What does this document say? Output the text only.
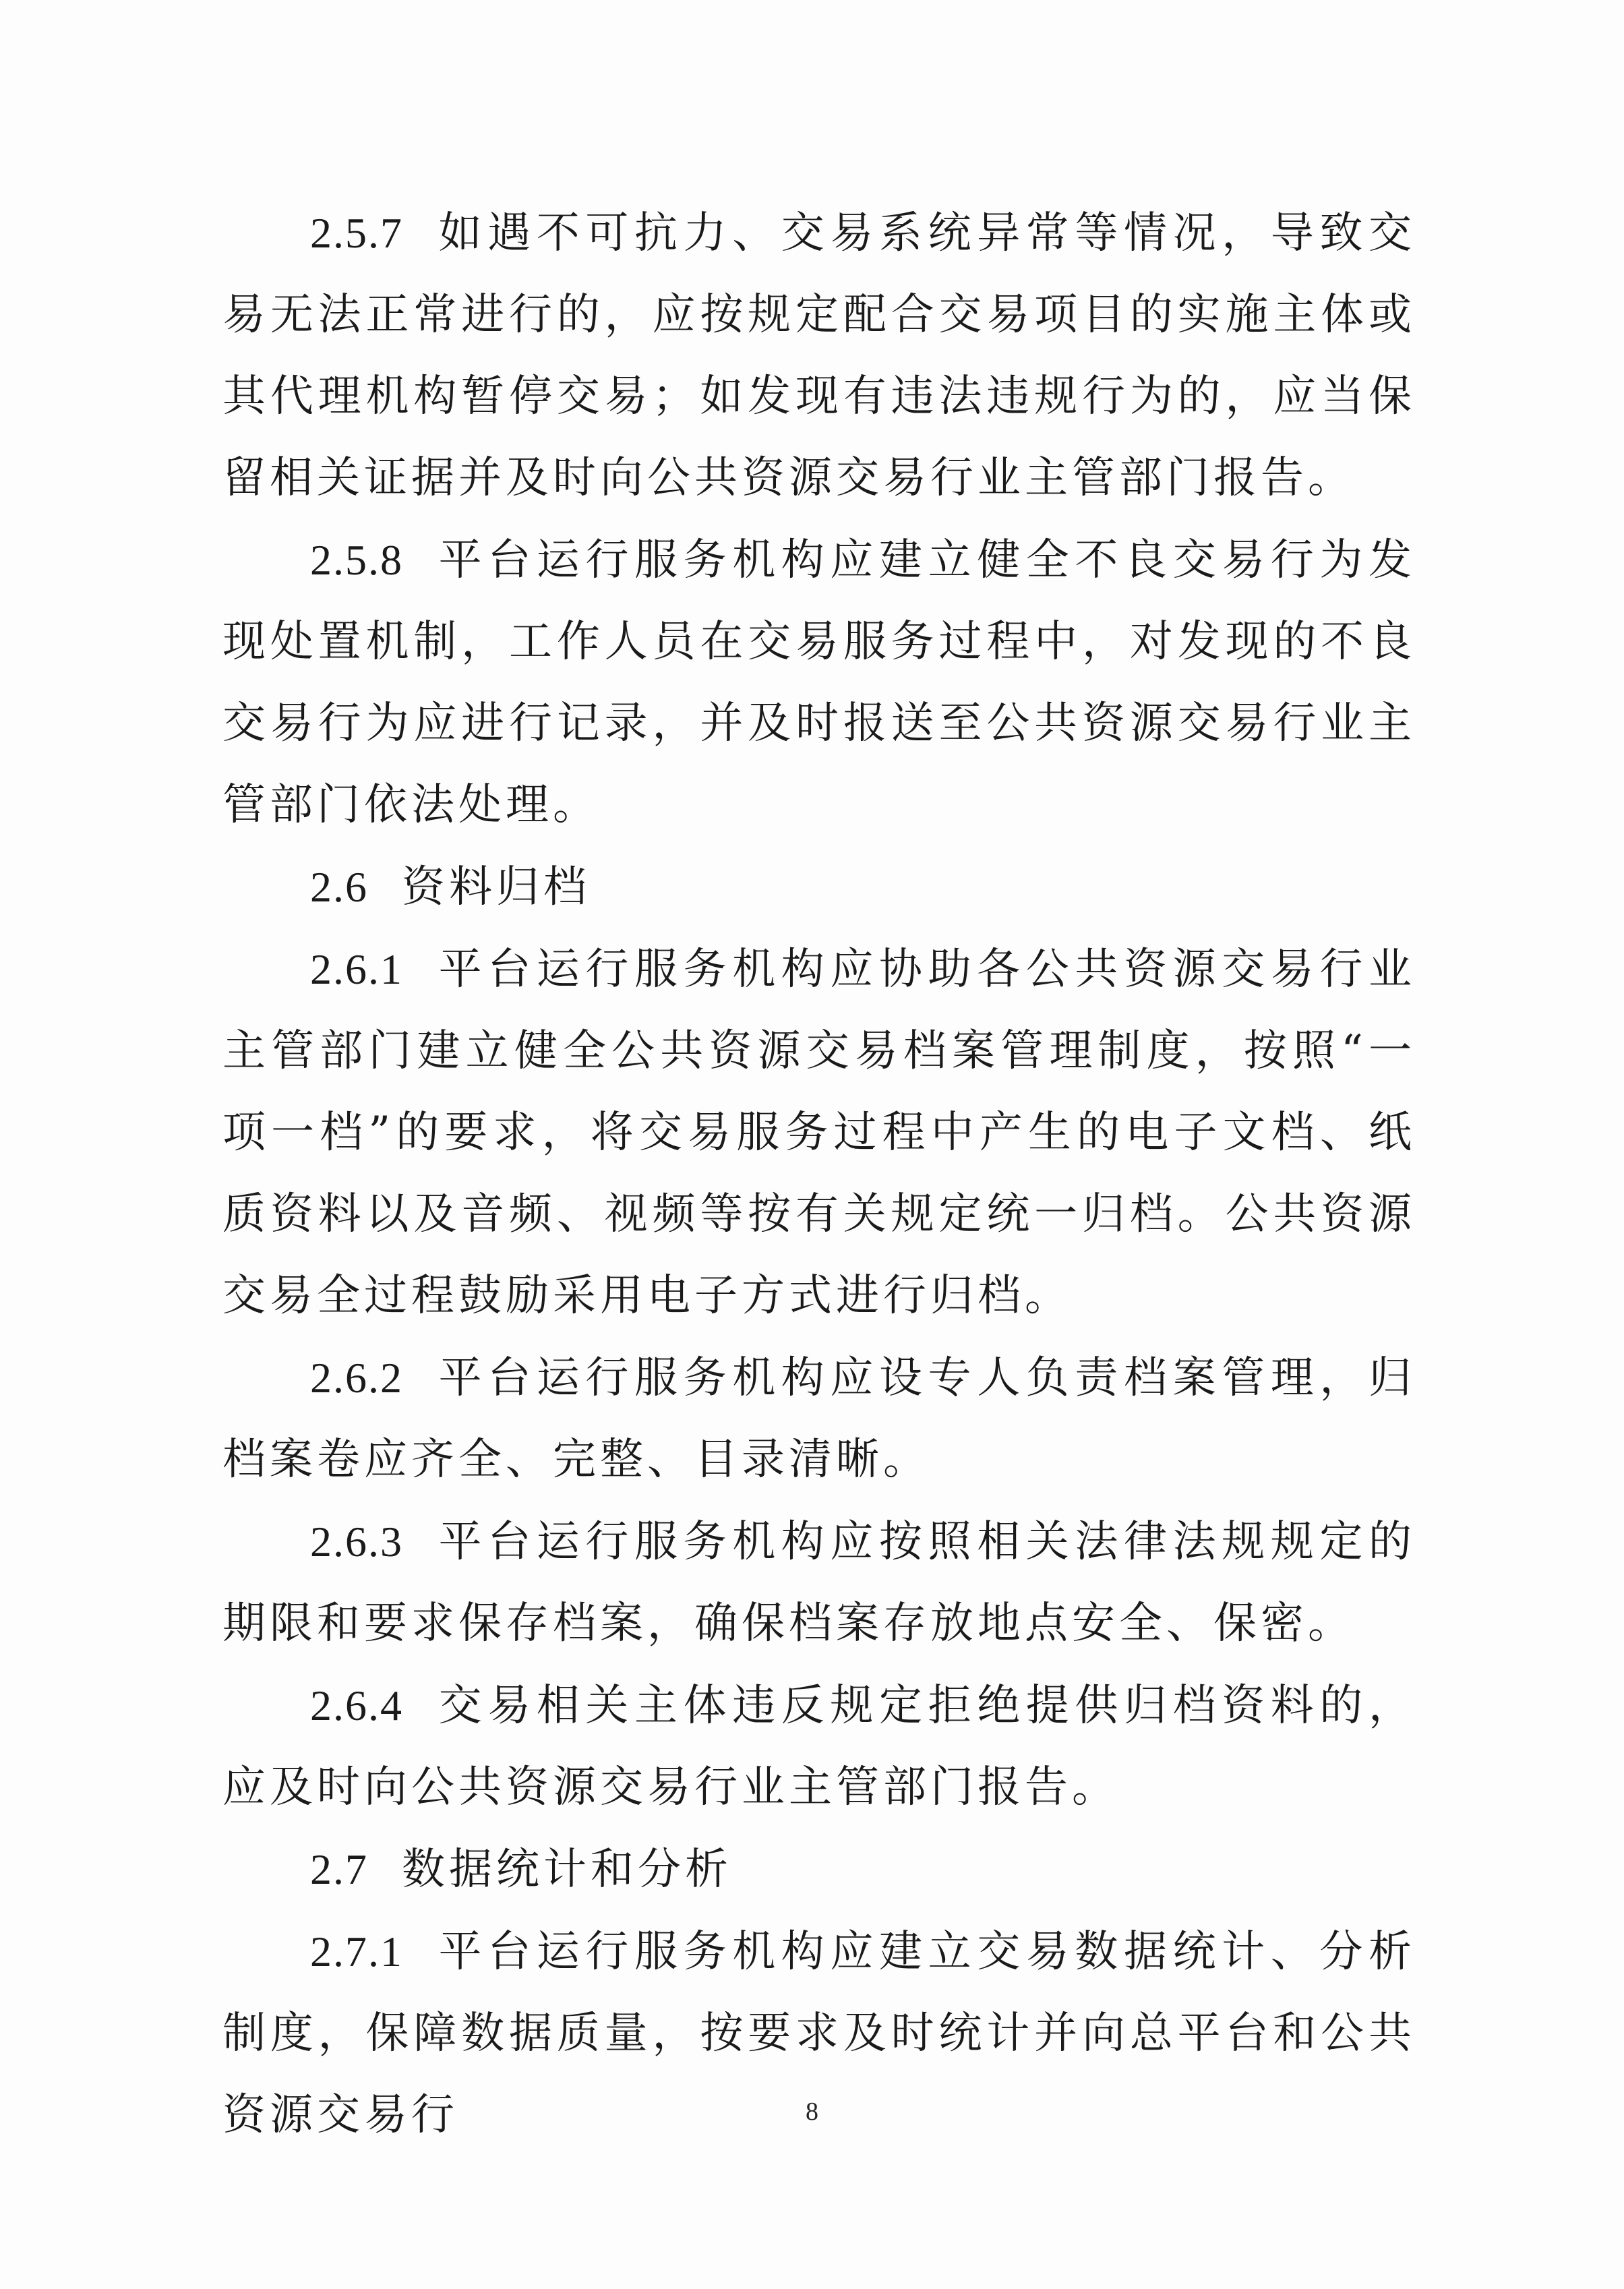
2.5.7 如遇不可抗力、交易系统异常等情况，导致交易无法正常进行的，应按规定配合交易项目的实施主体或其代理机构暂停交易；如发现有违法违规行为的，应当保留相关证据并及时向公共资源交易行业主管部门报告。

2.5.8 平台运行服务机构应建立健全不良交易行为发现处置机制，工作人员在交易服务过程中，对发现的不良交易行为应进行记录，并及时报送至公共资源交易行业主管部门依法处理。

2.6 资料归档

2.6.1 平台运行服务机构应协助各公共资源交易行业主管部门建立健全公共资源交易档案管理制度，按照“一项一档”的要求，将交易服务过程中产生的电子文档、纸质资料以及音频、视频等按有关规定统一归档。公共资源交易全过程鼓励采用电子方式进行归档。

2.6.2 平台运行服务机构应设专人负责档案管理，归档案卷应齐全、完整、目录清晰。

2.6.3 平台运行服务机构应按照相关法律法规规定的期限和要求保存档案，确保档案存放地点安全、保密。

2.6.4 交易相关主体违反规定拒绝提供归档资料的，应及时向公共资源交易行业主管部门报告。

2.7 数据统计和分析

2.7.1 平台运行服务机构应建立交易数据统计、分析制度，保障数据质量，按要求及时统计并向总平台和公共资源交易行	8
